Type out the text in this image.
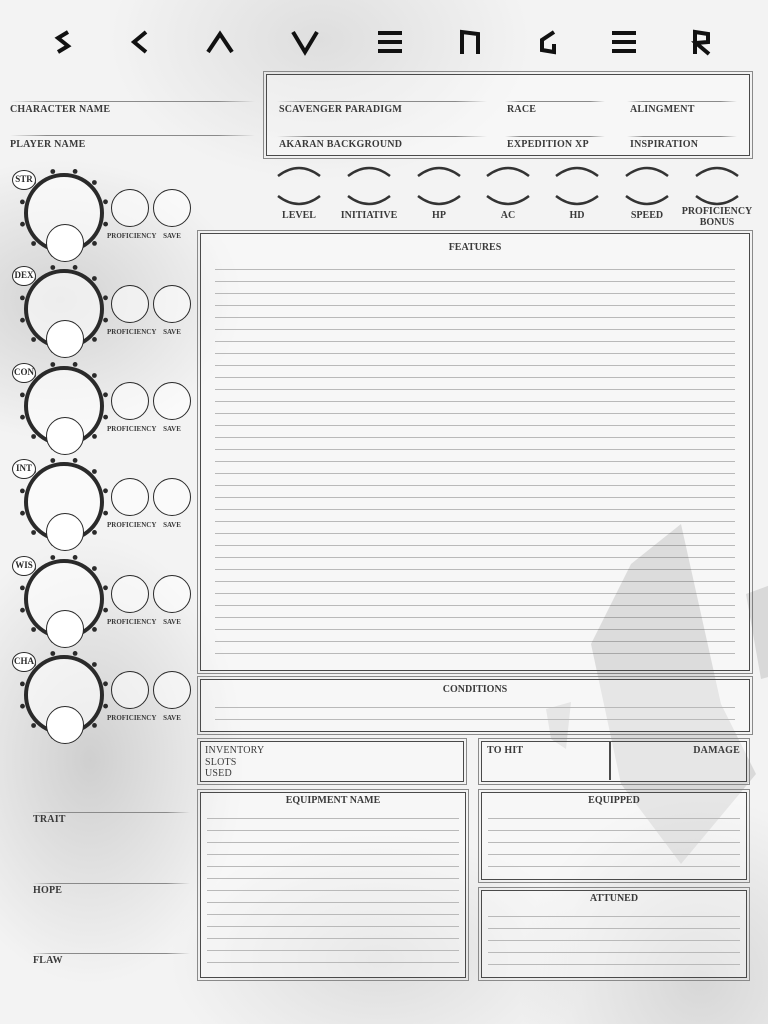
CHARACTER NAME
PLAYER NAME
SCAVENGER PARADIGM	RACE	ALINGMENT
AKARAN BACKGROUND	EXPEDITION XP	INSPIRATION
LEVEL	INITIATIVE	HP	AC	HD	SPEED	PROFICIENCY BONUS
STR
PROFICIENCY SAVE
DEX
PROFICIENCY SAVE
CON
PROFICIENCY SAVE
INT
PROFICIENCY SAVE
WIS
PROFICIENCY SAVE
CHA
PROFICIENCY SAVE
FEATURES
CONDITIONS
INVENTORY
SLOTS
USED
TO HIT	DAMAGE
EQUIPMENT NAME	EQUIPPED
ATTUNED
TRAIT
HOPE
FLAW
